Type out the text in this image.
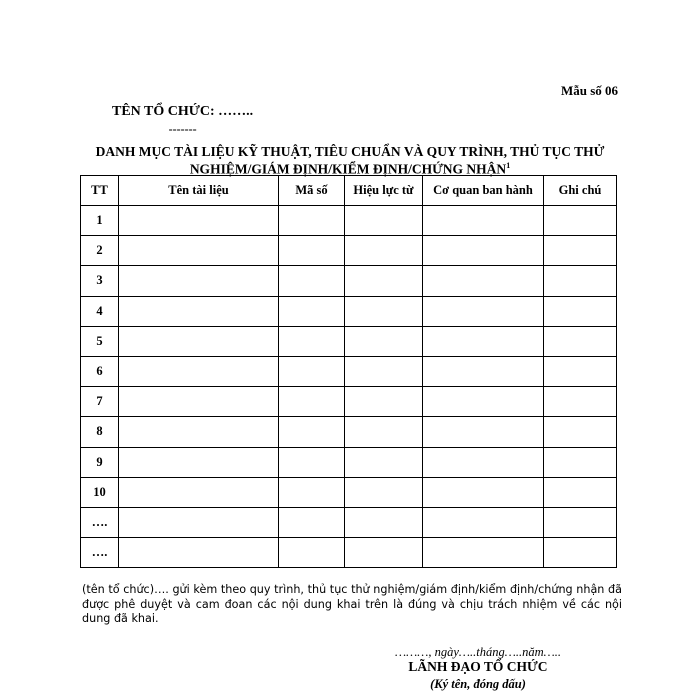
Mẫu số 06
TÊN TỔ CHỨC: ……..
-------
DANH MỤC TÀI LIỆU KỸ THUẬT, TIÊU CHUẨN VÀ QUY TRÌNH, THỦ TỤC THỬ
NGHIỆM/GIÁM ĐỊNH/KIỂM ĐỊNH/CHỨNG NHẬN$^1$
TT	Tên tài liệu	Mã số	Hiệu lực từ	Cơ quan ban hành	Ghi chú
1					
2					
3					
4					
5					
6					
7					
8					
9					
10					
….					
….					
(tên tổ chức)…. gửi kèm theo quy trình, thủ tục thử nghiệm/giám định/kiểm định/chứng nhận đã được phê duyệt và cam đoan các nội dung khai trên là đúng và chịu trách nhiệm về các nội dung đã khai.
………, ngày…..tháng…..năm…..
LÃNH ĐẠO TỔ CHỨC
(Ký tên, đóng dấu)
